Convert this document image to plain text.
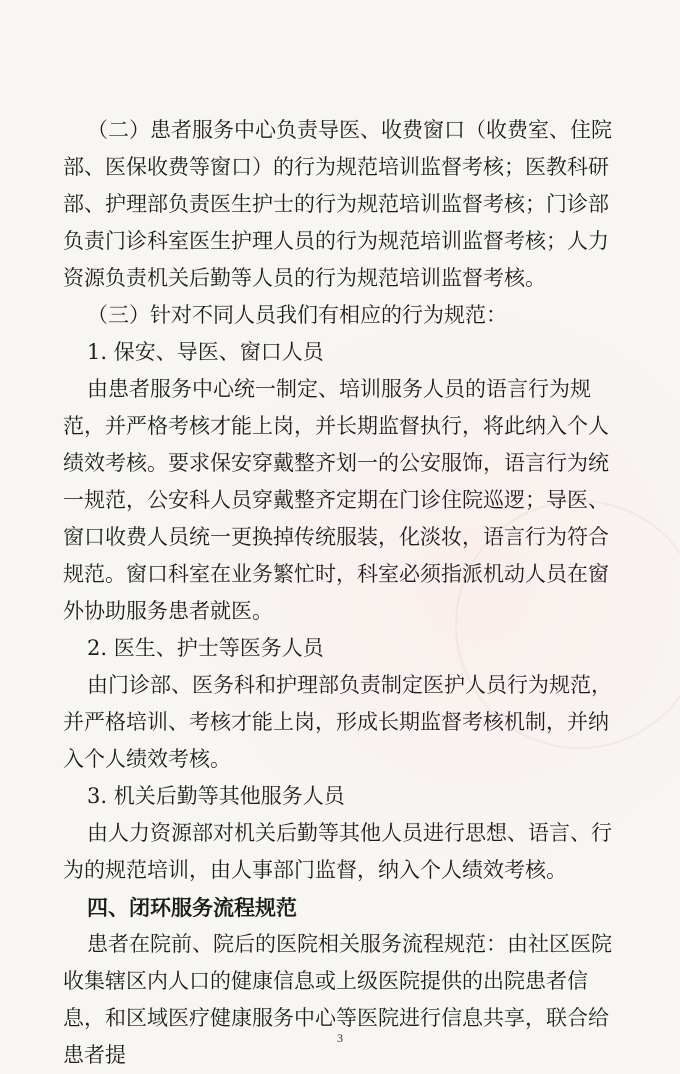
（二）患者服务中心负责导医、收费窗口（收费室、住院部、医保收费等窗口）的行为规范培训监督考核；医教科研部、护理部负责医生护士的行为规范培训监督考核；门诊部负责门诊科室医生护理人员的行为规范培训监督考核；人力资源负责机关后勤等人员的行为规范培训监督考核。

（三）针对不同人员我们有相应的行为规范：

1. 保安、导医、窗口人员

由患者服务中心统一制定、培训服务人员的语言行为规范，并严格考核才能上岗，并长期监督执行，将此纳入个人绩效考核。要求保安穿戴整齐划一的公安服饰，语言行为统一规范，公安科人员穿戴整齐定期在门诊住院巡逻；导医、窗口收费人员统一更换掉传统服装，化淡妆，语言行为符合规范。窗口科室在业务繁忙时，科室必须指派机动人员在窗外协助服务患者就医。

2. 医生、护士等医务人员

由门诊部、医务科和护理部负责制定医护人员行为规范，并严格培训、考核才能上岗，形成长期监督考核机制，并纳入个人绩效考核。

3. 机关后勤等其他服务人员

由人力资源部对机关后勤等其他人员进行思想、语言、行为的规范培训，由人事部门监督，纳入个人绩效考核。

四、闭环服务流程规范

患者在院前、院后的医院相关服务流程规范：由社区医院收集辖区内人口的健康信息或上级医院提供的出院患者信息，和区域医疗健康服务中心等医院进行信息共享，联合给患者提

3
